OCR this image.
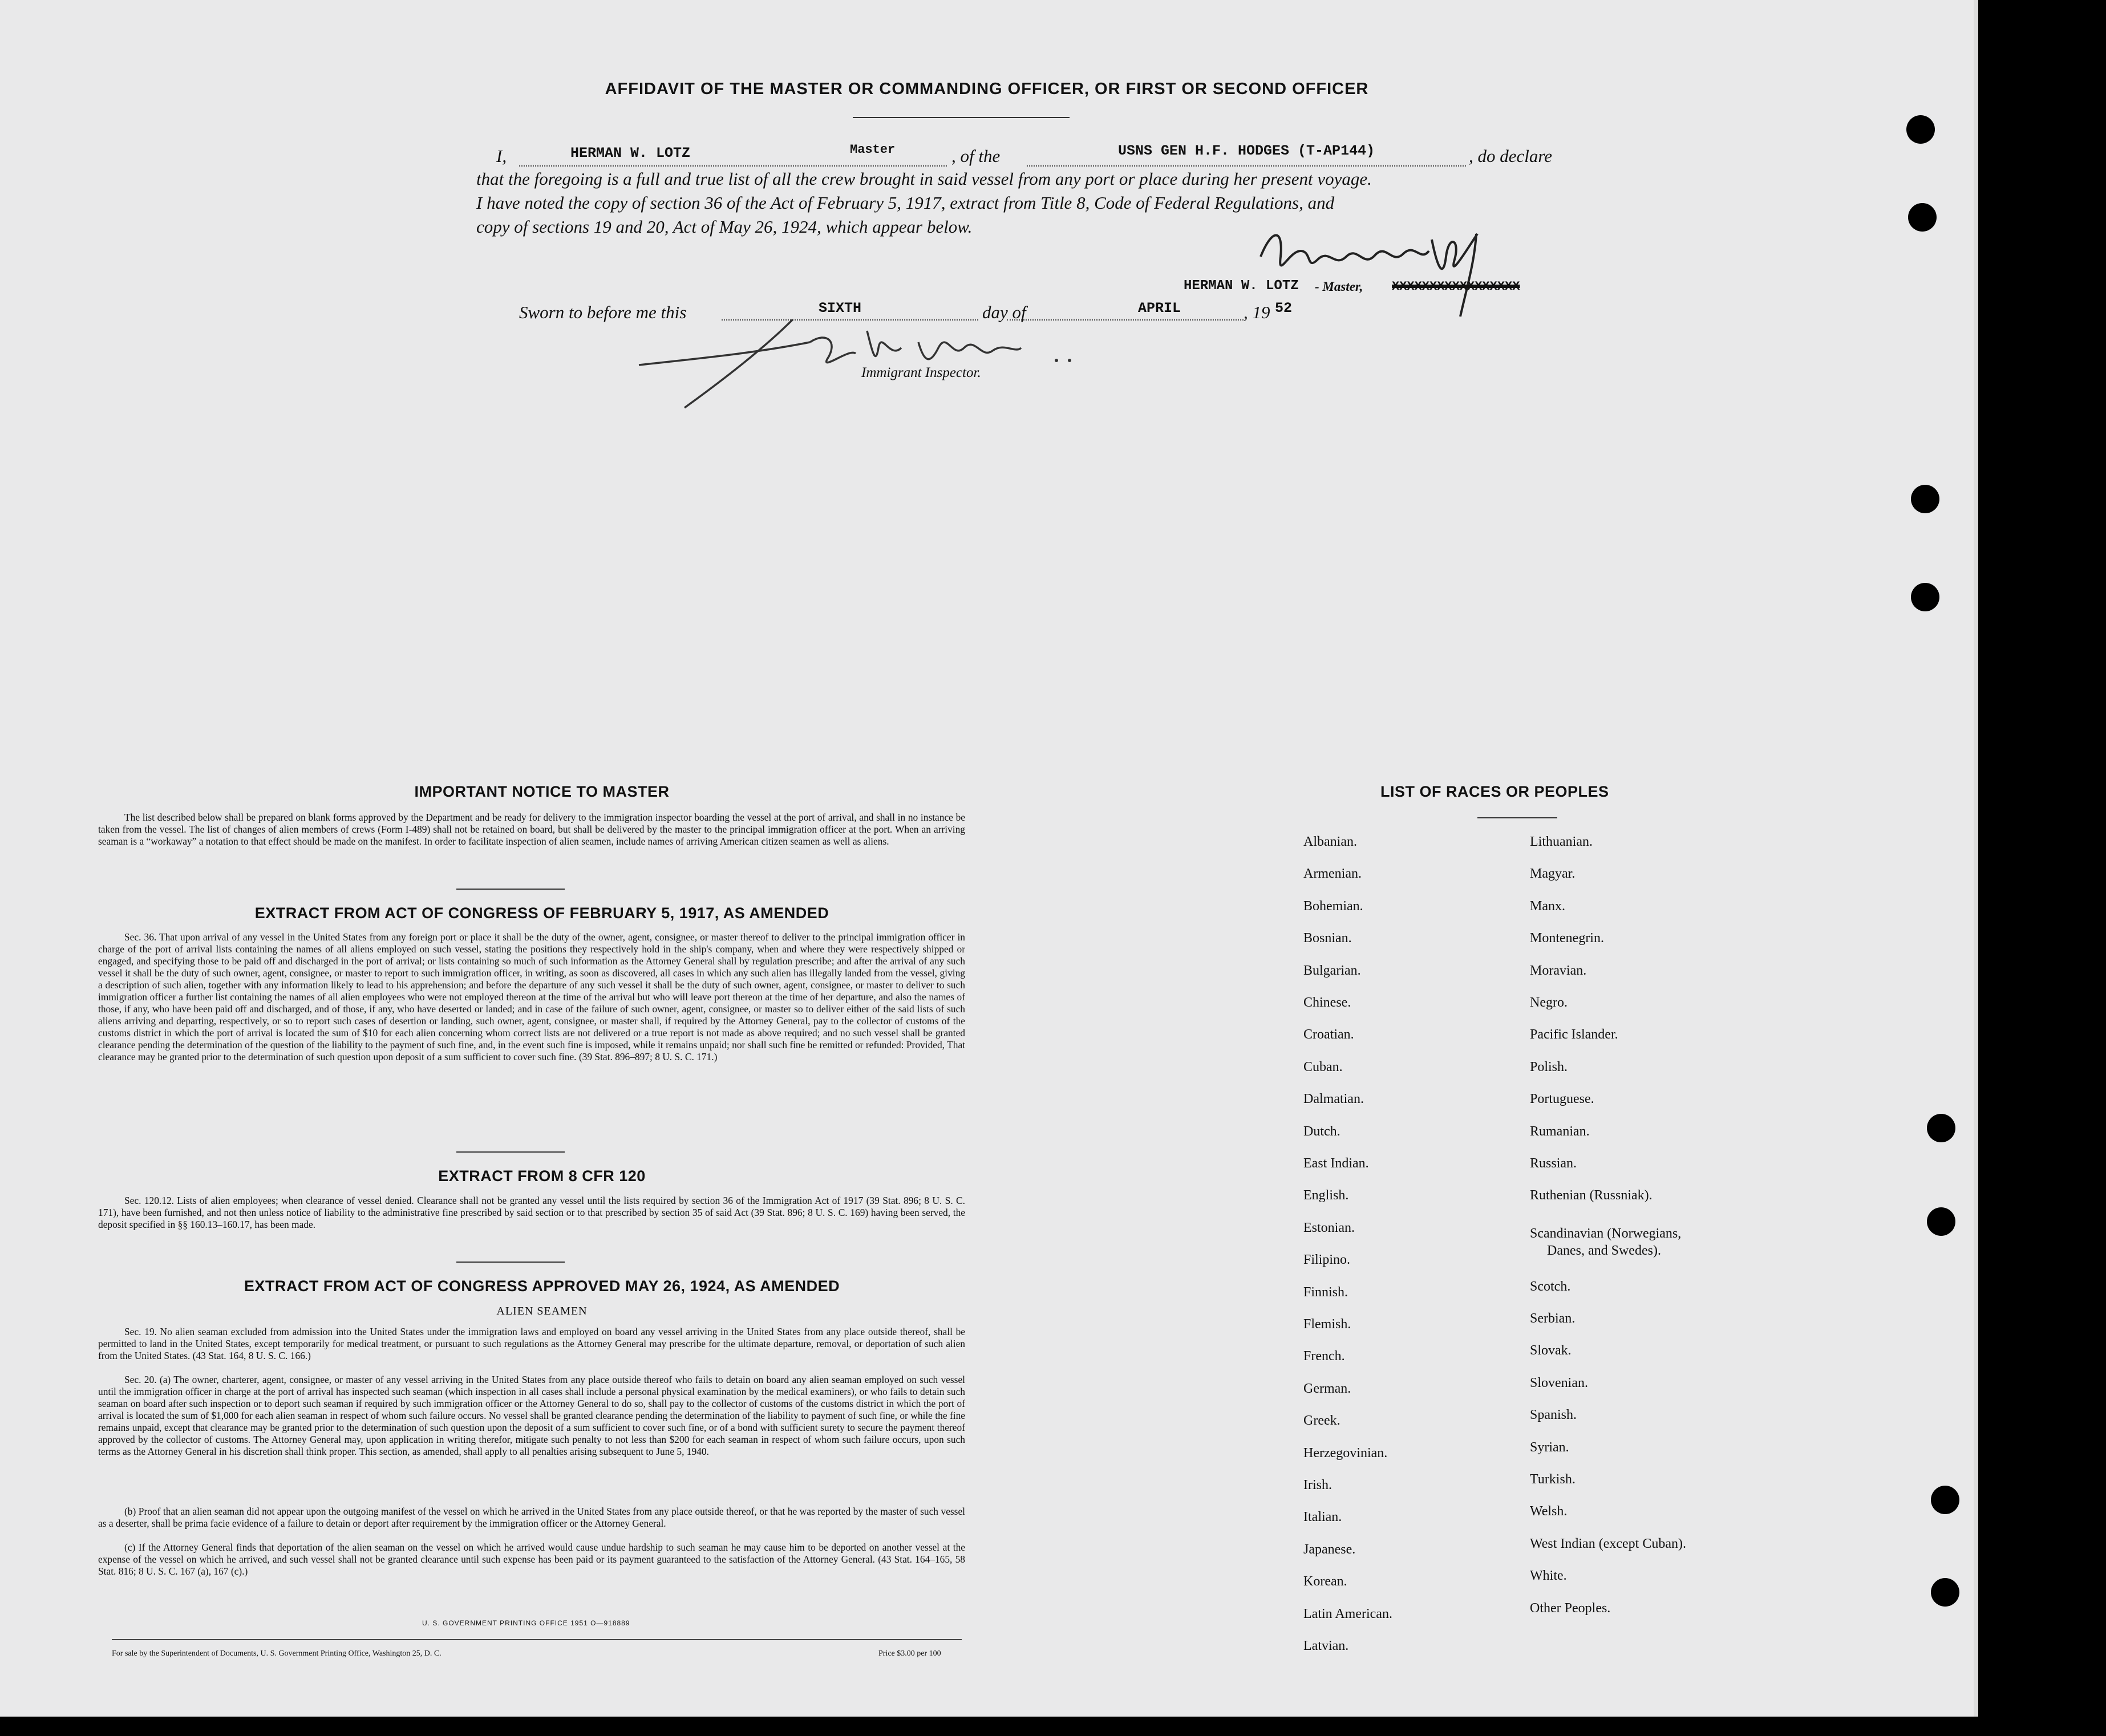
AFFIDAVIT OF THE MASTER OR COMMANDING OFFICER, OR FIRST OR SECOND OFFICER
I,	HERMAN W. LOTZ	Master	, of the	USNS GEN H.F. HODGES (T-AP144)	, do declare
that the foregoing is a full and true list of all the crew brought in said vessel from any port or place during her present voyage.
I have noted the copy of section 36 of the Act of February 5, 1917, extract from Title 8, Code of Federal Regulations, and
copy of sections 19 and 20, Act of May 26, 1924, which appear below.
HERMAN W. LOTZ - Master, XXXXXXXXXXXXXXXXX
Sworn to before me this	SIXTH	day of	APRIL	, 19 52
Immigrant Inspector.
IMPORTANT NOTICE TO MASTER
The list described below shall be prepared on blank forms approved by the Department and be ready for delivery to the immigration inspector boarding the vessel at the port of arrival, and shall in no instance be taken from the vessel. The list of changes of alien members of crews (Form I-489) shall not be retained on board, but shall be delivered by the master to the principal immigration officer at the port. When an arriving seaman is a “workaway” a notation to that effect should be made on the manifest. In order to facilitate inspection of alien seamen, include names of arriving American citizen seamen as well as aliens.
EXTRACT FROM ACT OF CONGRESS OF FEBRUARY 5, 1917, AS AMENDED
Sec. 36. That upon arrival of any vessel in the United States from any foreign port or place it shall be the duty of the owner, agent, consignee, or master thereof to deliver to the principal immigration officer in charge of the port of arrival lists containing the names of all aliens employed on such vessel, stating the positions they respectively hold in the ship's company, when and where they were respectively shipped or engaged, and specifying those to be paid off and discharged in the port of arrival; or lists containing so much of such information as the Attorney General shall by regulation prescribe; and after the arrival of any such vessel it shall be the duty of such owner, agent, consignee, or master to report to such immigration officer, in writing, as soon as discovered, all cases in which any such alien has illegally landed from the vessel, giving a description of such alien, together with any information likely to lead to his apprehension; and before the departure of any such vessel it shall be the duty of such owner, agent, consignee, or master to deliver to such immigration officer a further list containing the names of all alien employees who were not employed thereon at the time of the arrival but who will leave port thereon at the time of her departure, and also the names of those, if any, who have been paid off and discharged, and of those, if any, who have deserted or landed; and in case of the failure of such owner, agent, consignee, or master so to deliver either of the said lists of such aliens arriving and departing, respectively, or so to report such cases of desertion or landing, such owner, agent, consignee, or master shall, if required by the Attorney General, pay to the collector of customs of the customs district in which the port of arrival is located the sum of $10 for each alien concerning whom correct lists are not delivered or a true report is not made as above required; and no such vessel shall be granted clearance pending the determination of the question of the liability to the payment of such fine, and, in the event such fine is imposed, while it remains unpaid; nor shall such fine be remitted or refunded: Provided, That clearance may be granted prior to the determination of such question upon deposit of a sum sufficient to cover such fine. (39 Stat. 896–897; 8 U. S. C. 171.)
EXTRACT FROM 8 CFR 120
Sec. 120.12. Lists of alien employees; when clearance of vessel denied. Clearance shall not be granted any vessel until the lists required by section 36 of the Immigration Act of 1917 (39 Stat. 896; 8 U. S. C. 171), have been furnished, and not then unless notice of liability to the administrative fine prescribed by said section or to that prescribed by section 35 of said Act (39 Stat. 896; 8 U. S. C. 169) having been served, the deposit specified in §§ 160.13–160.17, has been made.
EXTRACT FROM ACT OF CONGRESS APPROVED MAY 26, 1924, AS AMENDED
ALIEN SEAMEN
Sec. 19. No alien seaman excluded from admission into the United States under the immigration laws and employed on board any vessel arriving in the United States from any place outside thereof, shall be permitted to land in the United States, except temporarily for medical treatment, or pursuant to such regulations as the Attorney General may prescribe for the ultimate departure, removal, or deportation of such alien from the United States. (43 Stat. 164, 8 U. S. C. 166.)
Sec. 20. (a) The owner, charterer, agent, consignee, or master of any vessel arriving in the United States from any place outside thereof who fails to detain on board any alien seaman employed on such vessel until the immigration officer in charge at the port of arrival has inspected such seaman (which inspection in all cases shall include a personal physical examination by the medical examiners), or who fails to detain such seaman on board after such inspection or to deport such seaman if required by such immigration officer or the Attorney General to do so, shall pay to the collector of customs of the customs district in which the port of arrival is located the sum of $1,000 for each alien seaman in respect of whom such failure occurs. No vessel shall be granted clearance pending the determination of the liability to payment of such fine, or while the fine remains unpaid, except that clearance may be granted prior to the determination of such question upon the deposit of a sum sufficient to cover such fine, or of a bond with sufficient surety to secure the payment thereof approved by the collector of customs. The Attorney General may, upon application in writing therefor, mitigate such penalty to not less than $200 for each seaman in respect of whom such failure occurs, upon such terms as the Attorney General in his discretion shall think proper. This section, as amended, shall apply to all penalties arising subsequent to June 5, 1940.
(b) Proof that an alien seaman did not appear upon the outgoing manifest of the vessel on which he arrived in the United States from any place outside thereof, or that he was reported by the master of such vessel as a deserter, shall be prima facie evidence of a failure to detain or deport after requirement by the immigration officer or the Attorney General.
(c) If the Attorney General finds that deportation of the alien seaman on the vessel on which he arrived would cause undue hardship to such seaman he may cause him to be deported on another vessel at the expense of the vessel on which he arrived, and such vessel shall not be granted clearance until such expense has been paid or its payment guaranteed to the satisfaction of the Attorney General. (43 Stat. 164–165, 58 Stat. 816; 8 U. S. C. 167 (a), 167 (c).)
U. S. GOVERNMENT PRINTING OFFICE 1951 O—918889
For sale by the Superintendent of Documents, U. S. Government Printing Office, Washington 25, D. C.	Price $3.00 per 100
LIST OF RACES OR PEOPLES
Albanian.
Armenian.
Bohemian.
Bosnian.
Bulgarian.
Chinese.
Croatian.
Cuban.
Dalmatian.
Dutch.
East Indian.
English.
Estonian.
Filipino.
Finnish.
Flemish.
French.
German.
Greek.
Herzegovinian.
Irish.
Italian.
Japanese.
Korean.
Latin American.
Latvian.
Lithuanian.
Magyar.
Manx.
Montenegrin.
Moravian.
Negro.
Pacific Islander.
Polish.
Portuguese.
Rumanian.
Russian.
Ruthenian (Russniak).
Scandinavian (Norwegians,
Danes, and Swedes).
Scotch.
Serbian.
Slovak.
Slovenian.
Spanish.
Syrian.
Turkish.
Welsh.
West Indian (except Cuban).
White.
Other Peoples.
